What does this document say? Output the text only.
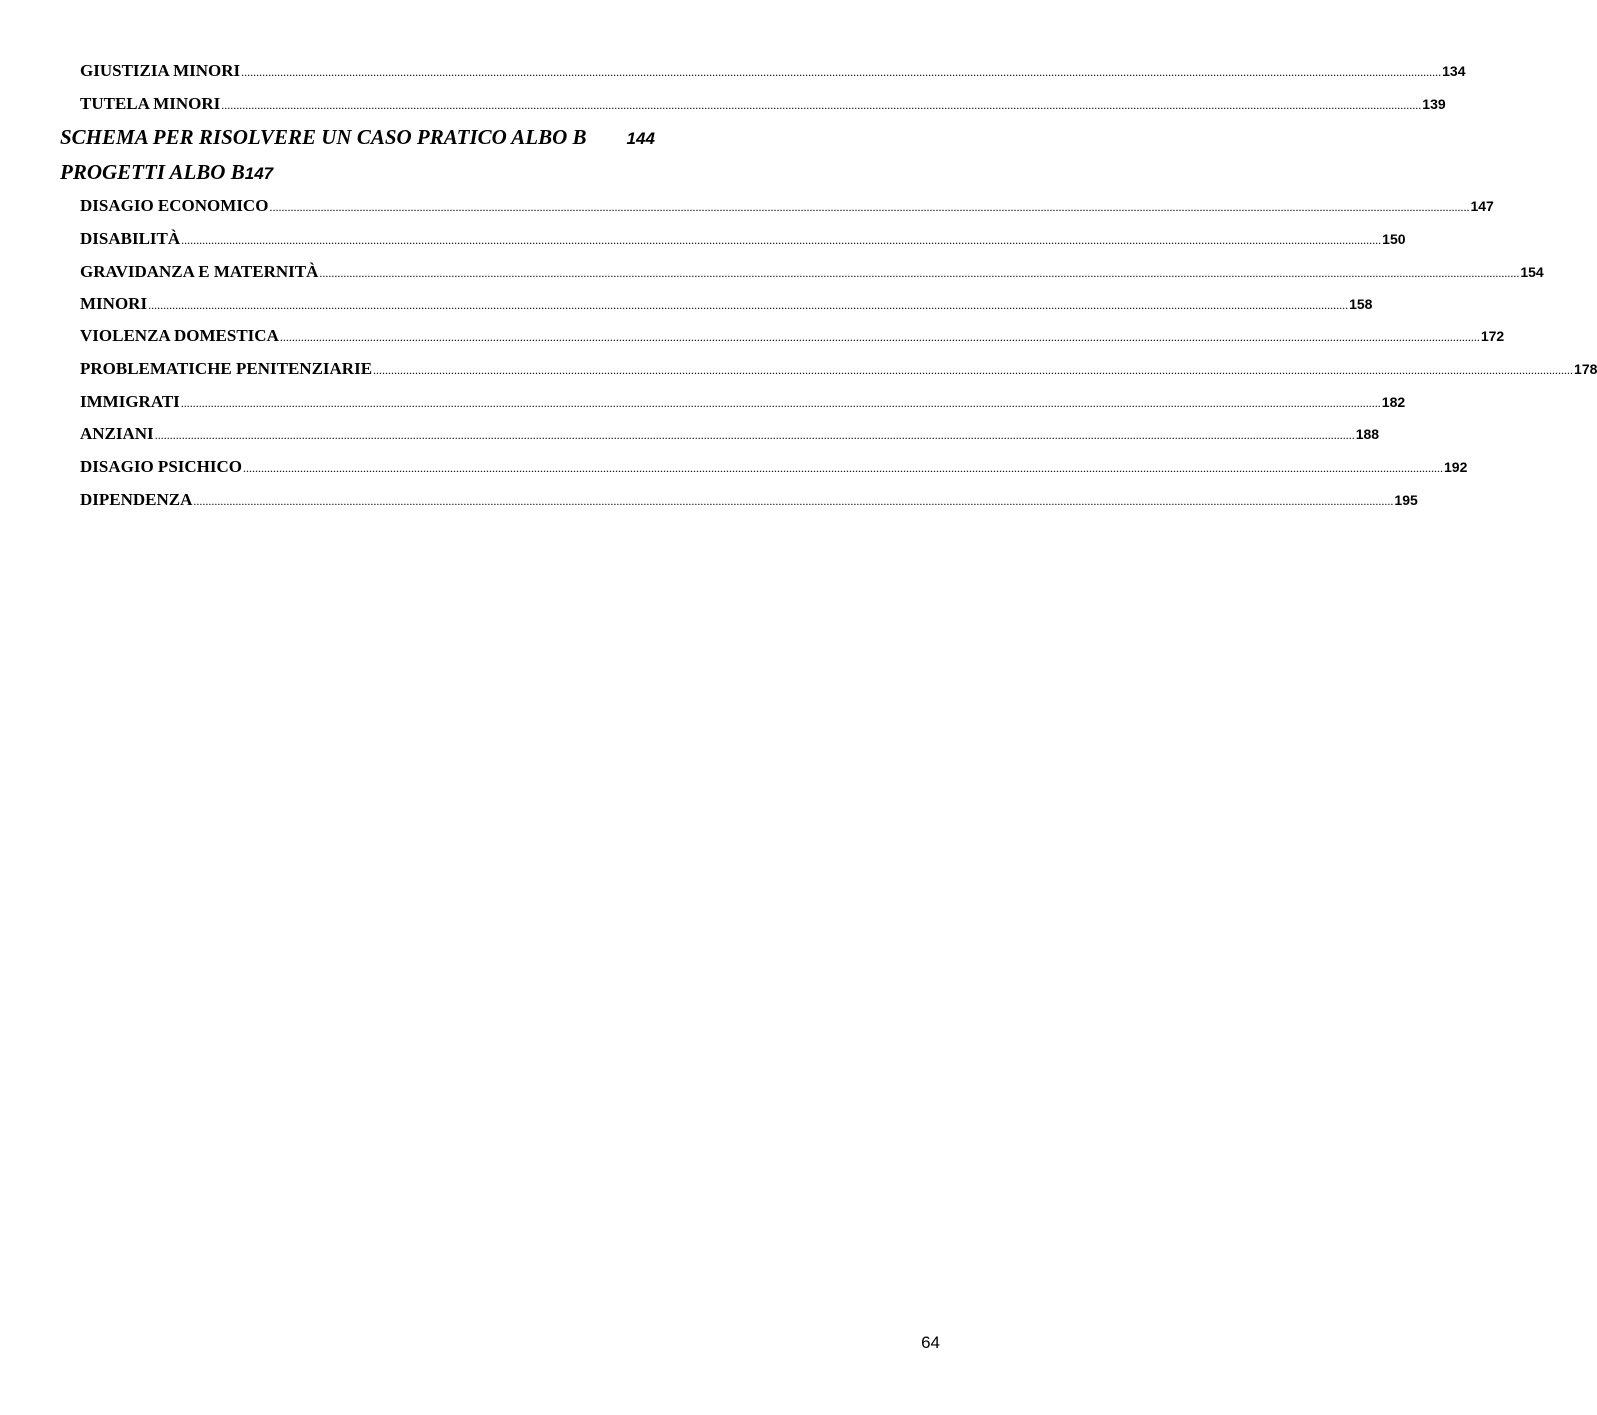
GIUSTIZIA MINORI ................................................................................................................................................................................................................................................................................................................................................................................................................ 134
TUTELA MINORI ................................................................................................................................................................................................................................................................................................................................................................................................................ 139
SCHEMA PER RISOLVERE UN CASO PRATICO ALBO B 144
PROGETTI ALBO B147
DISAGIO ECONOMICO ................................................................................................................................................................................................................................................................................................................................................................................................................ 147
DISABILITÀ ................................................................................................................................................................................................................................................................................................................................................................................................................ 150
GRAVIDANZA E MATERNITÀ ................................................................................................................................................................................................................................................................................................................................................................................................................ 154
MINORI ................................................................................................................................................................................................................................................................................................................................................................................................................ 158
VIOLENZA DOMESTICA ................................................................................................................................................................................................................................................................................................................................................................................................................ 172
PROBLEMATICHE PENITENZIARIE ................................................................................................................................................................................................................................................................................................................................................................................................................ 178
IMMIGRATI ................................................................................................................................................................................................................................................................................................................................................................................................................ 182
ANZIANI ................................................................................................................................................................................................................................................................................................................................................................................................................ 188
DISAGIO PSICHICO ................................................................................................................................................................................................................................................................................................................................................................................................................ 192
DIPENDENZA ................................................................................................................................................................................................................................................................................................................................................................................................................ 195
64
